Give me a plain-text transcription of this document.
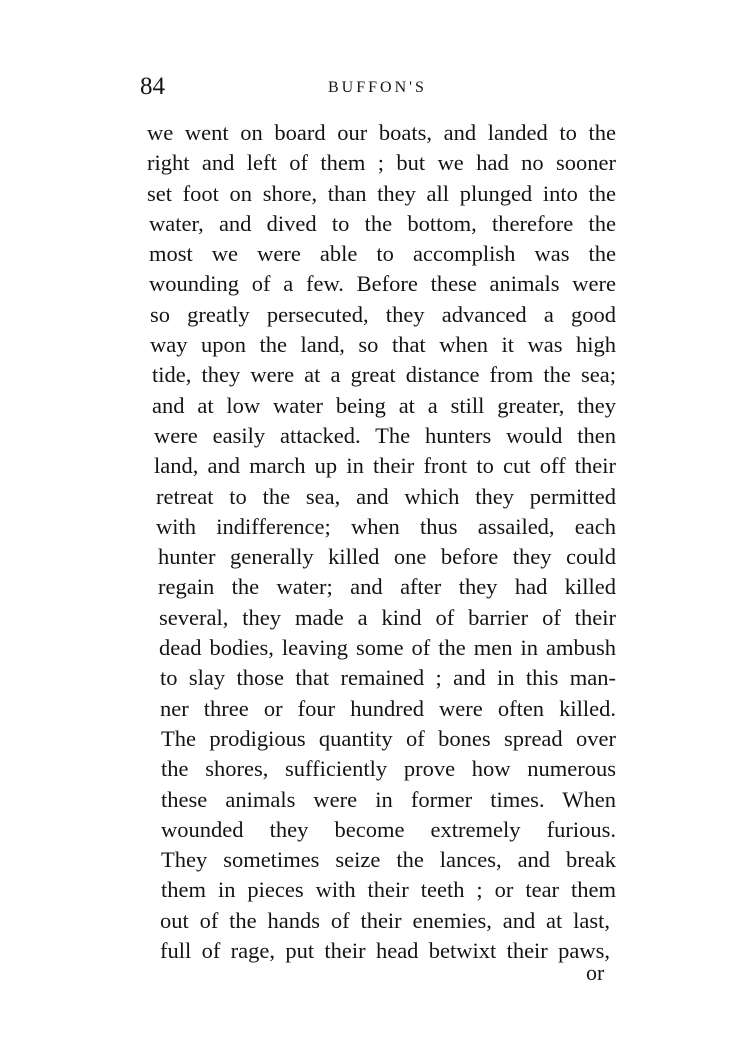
84	BUFFON'S
we went on board our boats, and landed to the
right and left of them ; but we had no sooner
set foot on shore, than they all plunged into the
water, and dived to the bottom, therefore the
most we were able to accomplish was the
wounding of a few. Before these animals were
so greatly persecuted, they advanced a good
way upon the land, so that when it was high
tide, they were at a great distance from the sea;
and at low water being at a still greater, they
were easily attacked. The hunters would then
land, and march up in their front to cut off their
retreat to the sea, and which they permitted
with indifference; when thus assailed, each
hunter generally killed one before they could
regain the water; and after they had killed
several, they made a kind of barrier of their
dead bodies, leaving some of the men in ambush
to slay those that remained ; and in this man-
ner three or four hundred were often killed.
The prodigious quantity of bones spread over
the shores, sufficiently prove how numerous
these animals were in former times. When
wounded they become extremely furious.
They sometimes seize the lances, and break
them in pieces with their teeth ; or tear them
out of the hands of their enemies, and at last,
full of rage, put their head betwixt their paws,
or
